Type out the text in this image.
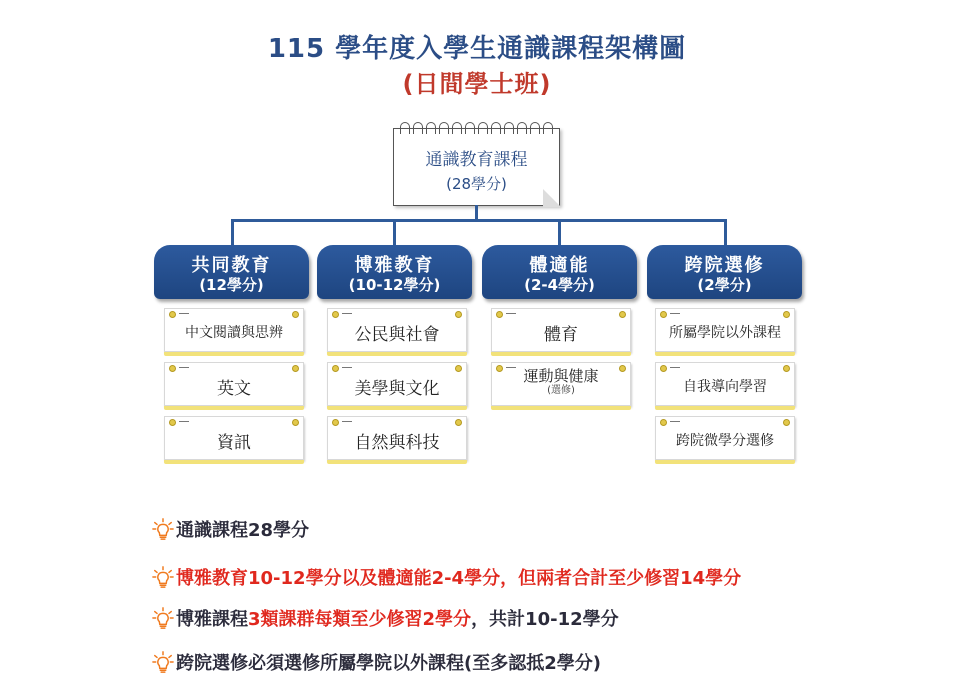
115 學年度入學生通識課程架構圖
(日間學士班)
通識教育課程
(28學分)
共同教育
(12學分)
博雅教育
(10-12學分)
體適能
(2-4學分)
跨院選修
(2學分)
中文閱讀與思辨
英文
資訊
公民與社會
美學與文化
自然與科技
體育
運動與健康
(選修)
所屬學院以外課程
自我導向學習
跨院微學分選修
通識課程28學分
博雅教育10-12學分以及體適能2-4學分，但兩者合計至少修習14學分
博雅課程3類課群每類至少修習2學分，共計10-12學分
跨院選修必須選修所屬學院以外課程(至多認抵2學分)
